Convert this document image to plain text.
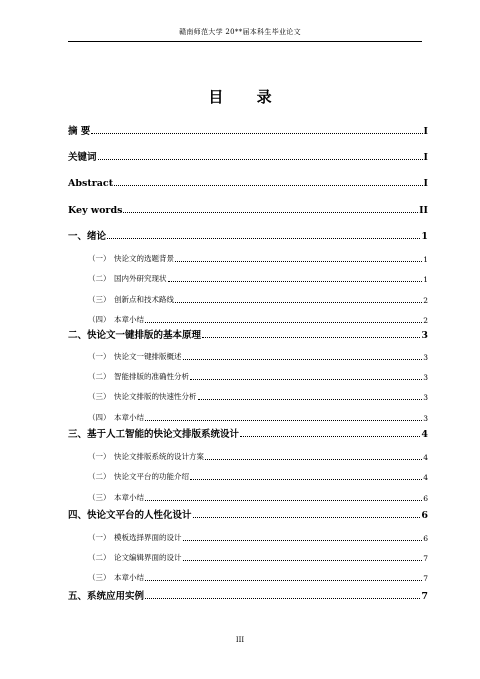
赣南师范大学 20**届本科生毕业论文
目 录
摘 要	I
关键词	I
Abstract	I
Key words	II
一、绪论	1
（一） 快论文的选题背景	1
（二） 国内外研究现状	1
（三） 创新点和技术路线	2
（四） 本章小结	2
二、快论文一键排版的基本原理	3
（一） 快论文一键排版概述	3
（二） 智能排版的准确性分析	3
（三） 快论文排版的快速性分析	3
（四） 本章小结	3
三、基于人工智能的快论文排版系统设计	4
（一） 快论文排版系统的设计方案	4
（二） 快论文平台的功能介绍	4
（三） 本章小结	6
四、快论文平台的人性化设计	6
（一） 模板选择界面的设计	6
（二） 论文编辑界面的设计	7
（三） 本章小结	7
五、系统应用实例	7
III
